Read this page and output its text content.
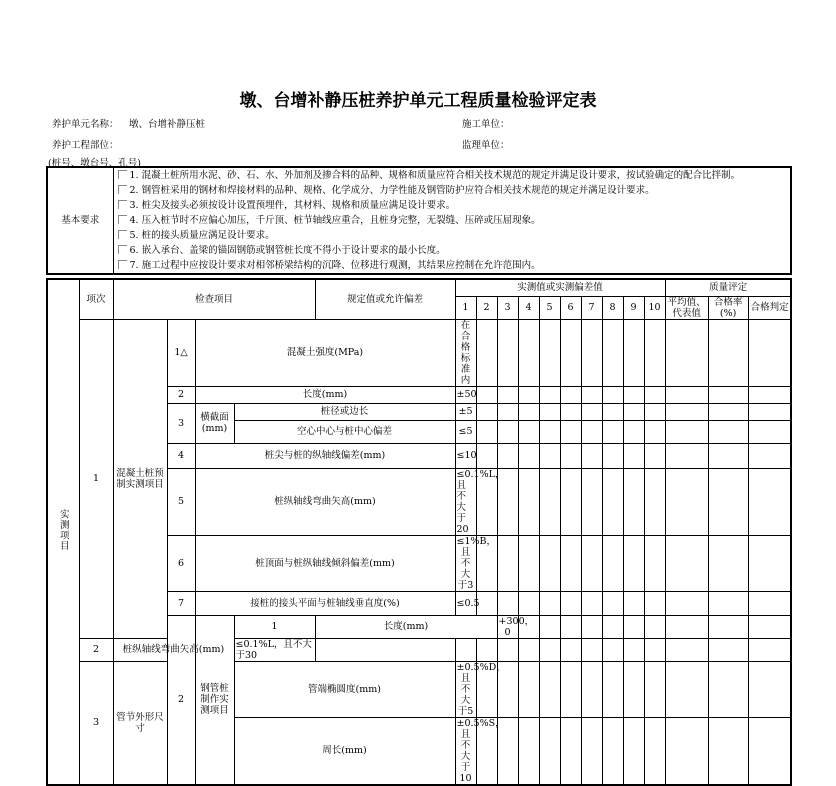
墩、台增补静压桩养护单元工程质量检验评定表
养护单元名称： 墩、台增补静压桩	施工单位：
养护工程部位：	监理单位：
(桩号、墩台号、孔号)
基本要求	1. 混凝土桩所用水泥、砂、石、水、外加剂及掺合料的品种、规格和质量应符合相关技术规范的规定并满足设计要求，按试验确定的配合比拌制。
2. 钢管桩采用的钢材和焊接材料的品种、规格、化学成分、力学性能及钢管防护应符合相关技术规范的规定并满足设计要求。
3. 桩尖及接头必须按设计设置预埋件，其材料、规格和质量应满足设计要求。
4. 压入桩节时不应偏心加压，千斤顶、桩节轴线应重合，且桩身完整，无裂缝、压碎或压屈现象。
5. 桩的接头质量应满足设计要求。
6. 嵌入承台、盖梁的锚固钢筋或钢管桩长度不得小于设计要求的最小长度。
7. 施工过程中应按设计要求对相邻桥梁结构的沉降、位移进行观测，其结果应控制在允许范围内。
实测项目	项次	检查项目				规定值或允许偏差	实测值或实测偏差值										质量评定			
							1	2	3	4	5	6	7	8	9	10	平均值、代表值	合格率(%)	合格判定	
	1	混凝土桩预制实测项目	1△	混凝土强度(MPa)			在合格标准内													
			2	长度(mm)			±50													
			3	横截面(mm)	桩径或边长		±5													
					空心中心与桩中心偏差		≤5													
			4	桩尖与桩的纵轴线偏差(mm)			≤10													
			5	桩纵轴线弯曲矢高(mm)			≤0.1%L，且不大于20													
			6	桩顶面与桩纵轴线倾斜偏差(mm)			≤1%B，且不大于3													
			7	接桩的接头平面与桩轴线垂直度(%)			≤0.5													
			2	钢管桩制作实测项目	1	长度(mm)			+300，0													
	2	桩纵轴线弯曲矢高(mm)			≤0.1%L，且不大于30															
	3	管节外形尺寸			管端椭圆度(mm)		±0.5%D，且不大于5													
					周长(mm)		±0.5%S，且不大于10													
